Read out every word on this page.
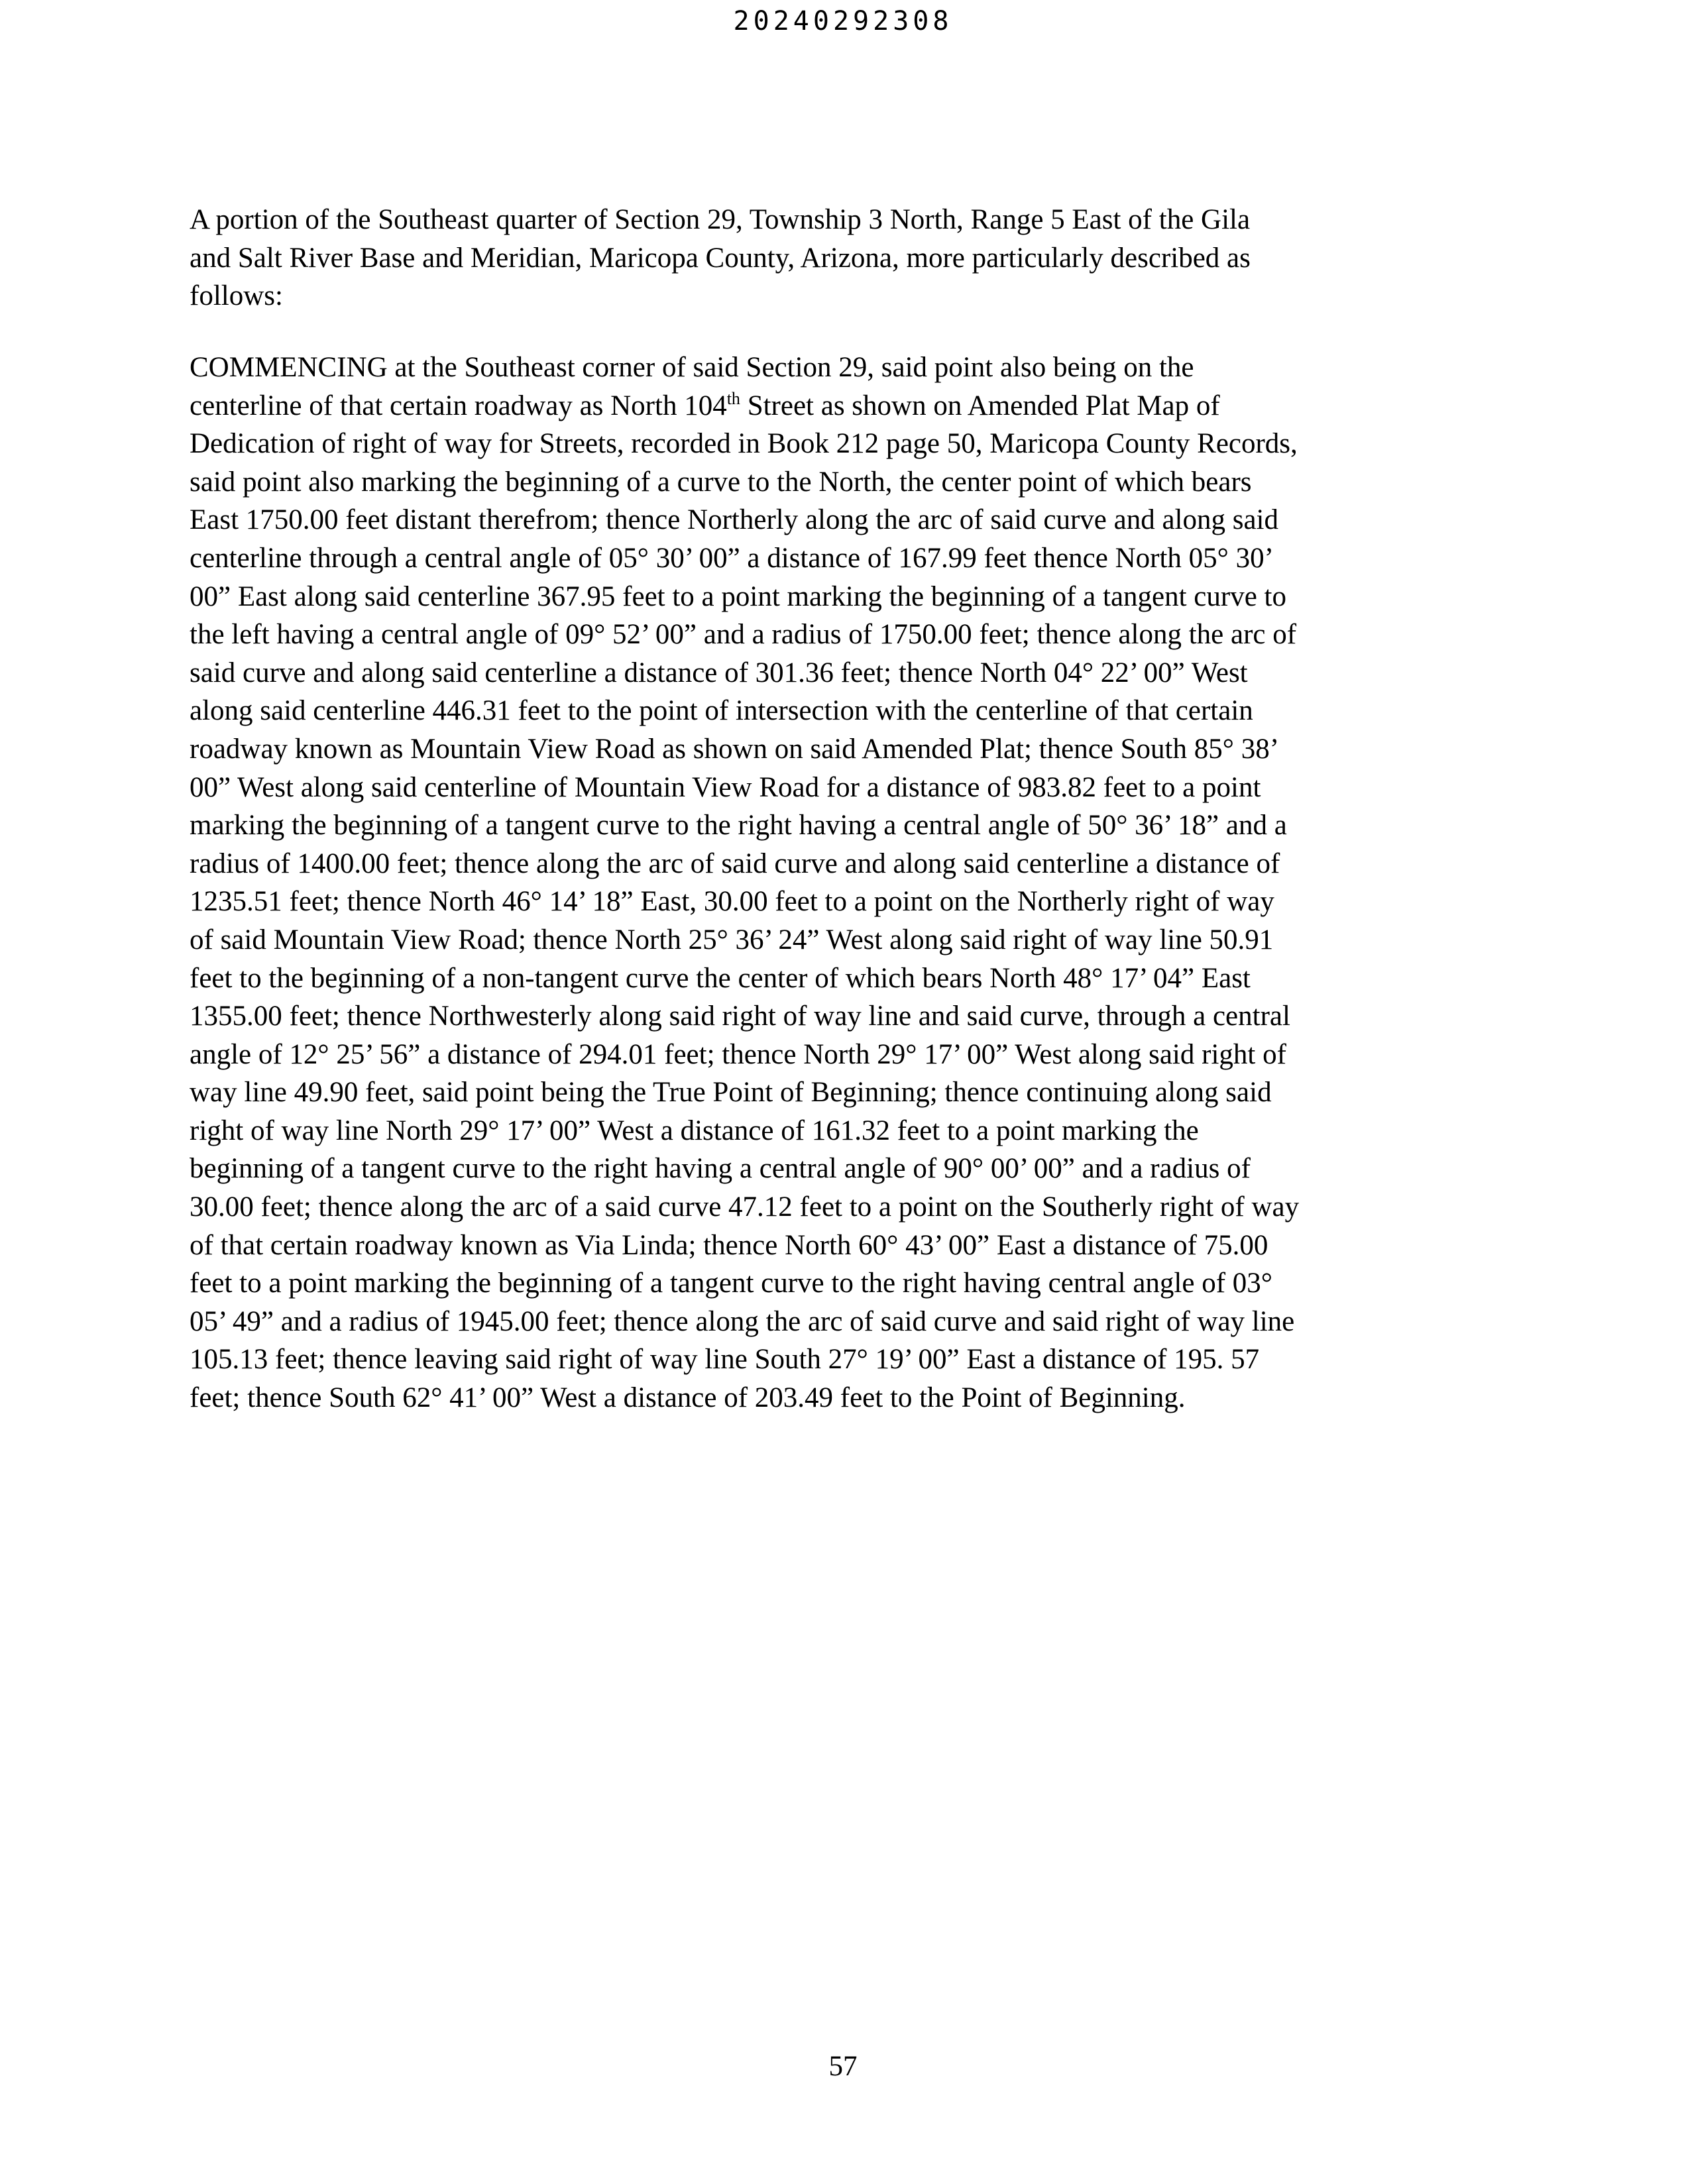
20240292308

A portion of the Southeast quarter of Section 29, Township 3 North, Range 5 East of the Gila
and Salt River Base and Meridian, Maricopa County, Arizona, more particularly described as
follows:

COMMENCING at the Southeast corner of said Section 29, said point also being on the
centerline of that certain roadway as North 104th Street as shown on Amended Plat Map of
Dedication of right of way for Streets, recorded in Book 212 page 50, Maricopa County Records,
said point also marking the beginning of a curve to the North, the center point of which bears
East 1750.00 feet distant therefrom; thence Northerly along the arc of said curve and along said
centerline through a central angle of 05° 30’ 00” a distance of 167.99 feet thence North 05° 30’
00” East along said centerline 367.95 feet to a point marking the beginning of a tangent curve to
the left having a central angle of 09° 52’ 00” and a radius of 1750.00 feet; thence along the arc of
said curve and along said centerline a distance of 301.36 feet; thence North 04° 22’ 00” West
along said centerline 446.31 feet to the point of intersection with the centerline of that certain
roadway known as Mountain View Road as shown on said Amended Plat; thence South 85° 38’
00” West along said centerline of Mountain View Road for a distance of 983.82 feet to a point
marking the beginning of a tangent curve to the right having a central angle of 50° 36’ 18” and a
radius of 1400.00 feet; thence along the arc of said curve and along said centerline a distance of
1235.51 feet; thence North 46° 14’ 18” East, 30.00 feet to a point on the Northerly right of way
of said Mountain View Road; thence North 25° 36’ 24” West along said right of way line 50.91
feet to the beginning of a non-tangent curve the center of which bears North 48° 17’ 04” East
1355.00 feet; thence Northwesterly along said right of way line and said curve, through a central
angle of 12° 25’ 56” a distance of 294.01 feet; thence North 29° 17’ 00” West along said right of
way line 49.90 feet, said point being the True Point of Beginning; thence continuing along said
right of way line North 29° 17’ 00” West a distance of 161.32 feet to a point marking the
beginning of a tangent curve to the right having a central angle of 90° 00’ 00” and a radius of
30.00 feet; thence along the arc of a said curve 47.12 feet to a point on the Southerly right of way
of that certain roadway known as Via Linda; thence North 60° 43’ 00” East a distance of 75.00
feet to a point marking the beginning of a tangent curve to the right having central angle of 03°
05’ 49” and a radius of 1945.00 feet; thence along the arc of said curve and said right of way line
105.13 feet; thence leaving said right of way line South 27° 19’ 00” East a distance of 195. 57
feet; thence South 62° 41’ 00” West a distance of 203.49 feet to the Point of Beginning.

57
